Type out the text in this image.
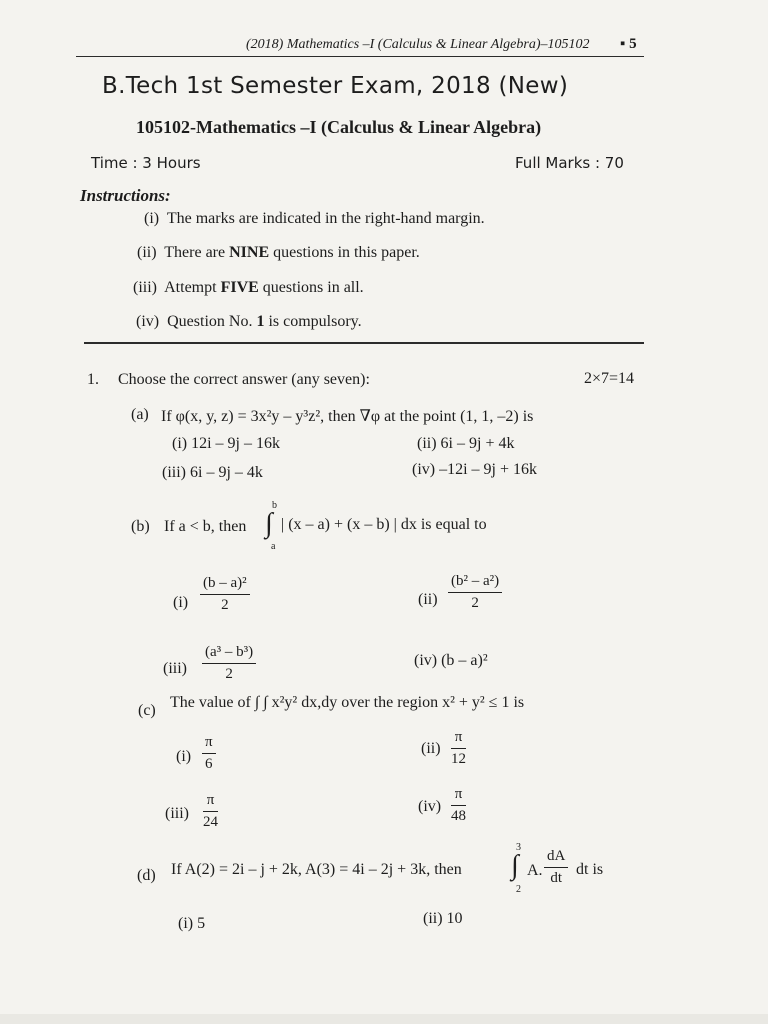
(2018) Mathematics –I (Calculus & Linear Algebra)–105102 ▪ 5
B.Tech 1st Semester Exam, 2018 (New)
105102-Mathematics –I (Calculus & Linear Algebra)
Time : 3 Hours	Full Marks : 70
Instructions:
(i) The marks are indicated in the right-hand margin.
(ii) There are NINE questions in this paper.
(iii) Attempt FIVE questions in all.
(iv) Question No. 1 is compulsory.
1. Choose the correct answer (any seven):	2×7=14
(a) If φ(x, y, z) = 3x²y – y³z², then ∇φ at the point (1, 1, –2) is
(i) 12i – 9j – 16k	(ii) 6i – 9j + 4k
(iii) 6i – 9j – 4k	(iv) –12i – 9j + 16k
(b) If a < b, then
b
∫
a
| (x – a) + (x – b) | dx is equal to
(i)
(b – a)²
2	(ii)
(b² – a²)
2
(iii)
(a³ – b³)
2
(iv) (b – a)²
(c) The value of ∫ ∫ x²y² dx,dy over the region x² + y² ≤ 1 is
(i)
π
6
(ii)
π
12
(iii)
π
24
(iv)
π
48
(d) If A(2) = 2i – j + 2k, A(3) = 4i – 2j + 3k, then
3
∫
2
A.
dA
dt dt is
(i) 5	(ii) 10
